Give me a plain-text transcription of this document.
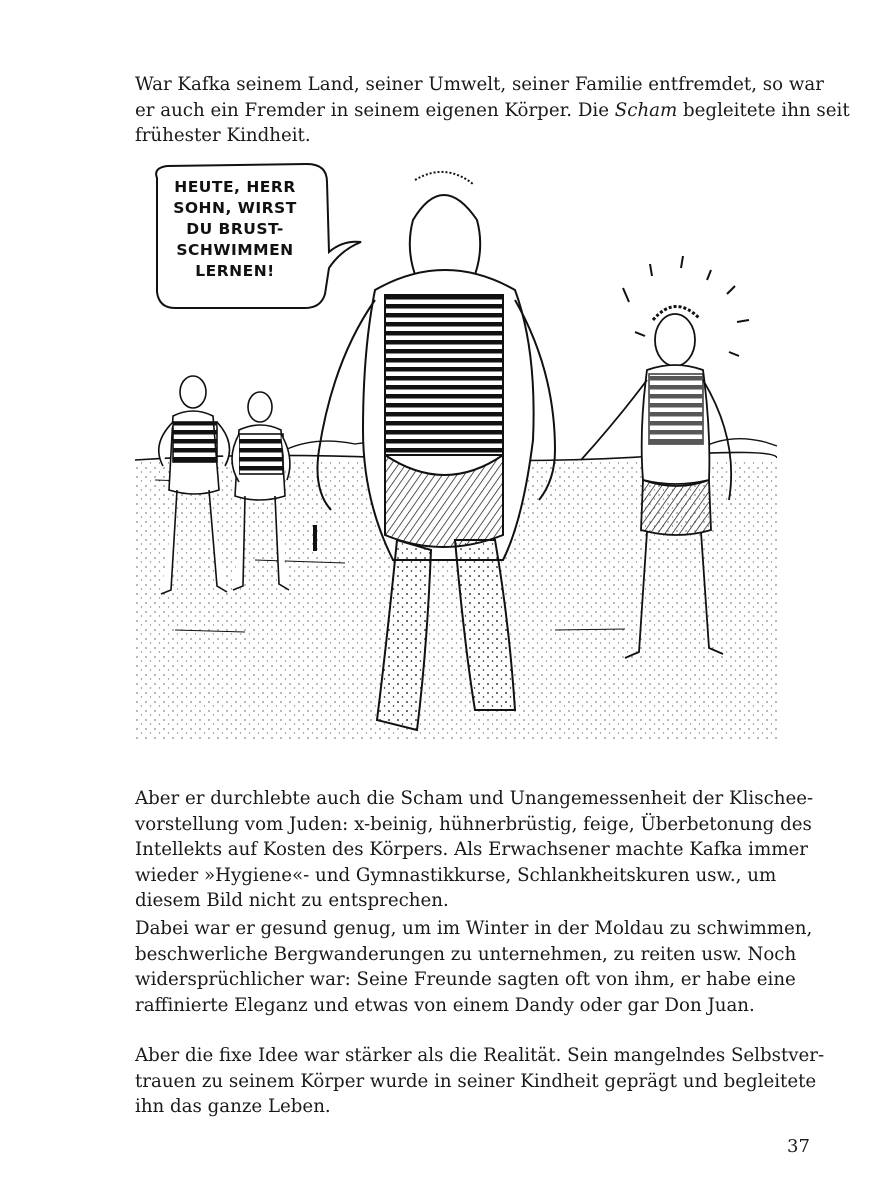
War Kafka seinem Land, seiner Umwelt, seiner Familie entfremdet, so war
er auch ein Fremder in seinem eigenen Körper. Die Scham begleitete ihn seit
frühester Kindheit.

HEUTE, HERR
SOHN, WIRST
DU BRUST-
SCHWIMMEN
LERNEN!

Aber er durchlebte auch die Scham und Unangemessenheit der Klischee-
vorstellung vom Juden: x-beinig, hühnerbrüstig, feige, Überbetonung des
Intellekts auf Kosten des Körpers. Als Erwachsener machte Kafka immer
wieder »Hygiene«- und Gymnastikkurse, Schlankheitskuren usw., um
diesem Bild nicht zu entsprechen.

Dabei war er gesund genug, um im Winter in der Moldau zu schwimmen,
beschwerliche Bergwanderungen zu unternehmen, zu reiten usw. Noch
widersprüchlicher war: Seine Freunde sagten oft von ihm, er habe eine
raffinierte Eleganz und etwas von einem Dandy oder gar Don Juan.

Aber die fixe Idee war stärker als die Realität. Sein mangelndes Selbstver-
trauen zu seinem Körper wurde in seiner Kindheit geprägt und begleitete
ihn das ganze Leben.

37
